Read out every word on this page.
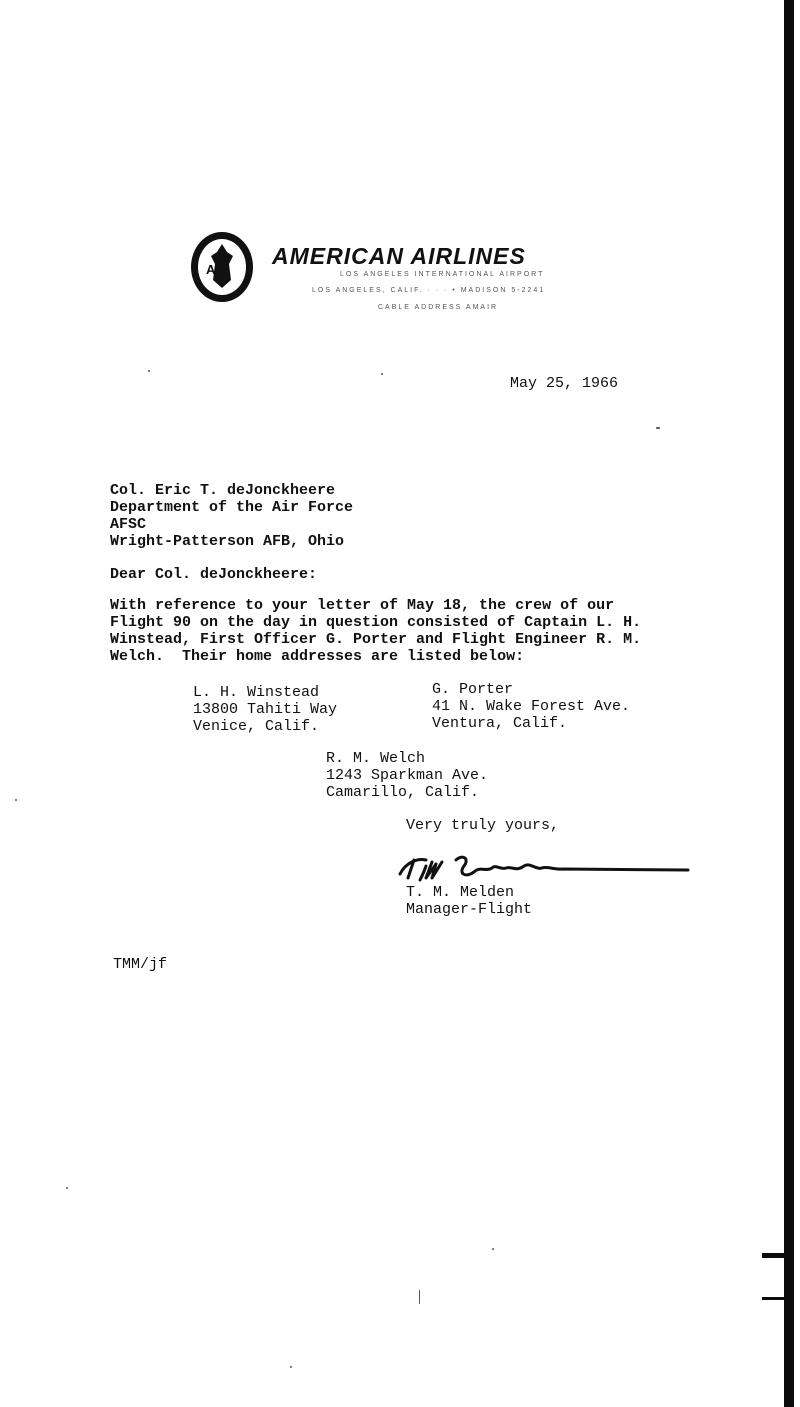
AA
AMERICAN AIRLINES
LOS ANGELES INTERNATIONAL AIRPORT
LOS ANGELES, CALIF. · · · • MADISON 5-2241
CABLE ADDRESS AMAIR
May 25, 1966
Col. Eric T. deJonckheere
Department of the Air Force
AFSC
Wright-Patterson AFB, Ohio
Dear Col. deJonckheere:
With reference to your letter of May 18, the crew of our
Flight 90 on the day in question consisted of Captain L. H.
Winstead, First Officer G. Porter and Flight Engineer R. M.
Welch.  Their home addresses are listed below:
L. H. Winstead
13800 Tahiti Way
Venice, Calif.
G. Porter
41 N. Wake Forest Ave.
Ventura, Calif.
R. M. Welch
1243 Sparkman Ave.
Camarillo, Calif.
Very truly yours,
T. M. Melden
Manager-Flight
TMM/jf
